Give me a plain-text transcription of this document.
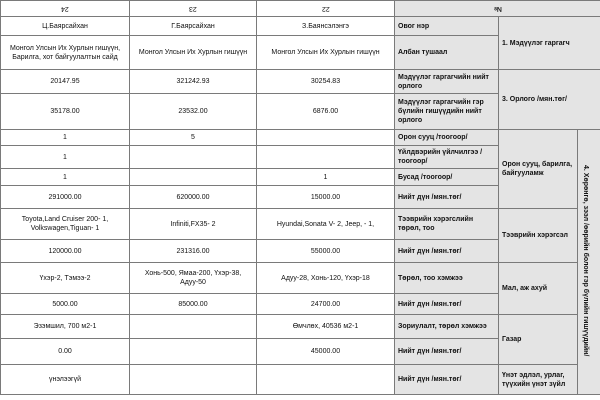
24	23	22	№		
Ц.Баярсайхан	Г.Баярсайхан	З.Баянсэлэнгэ	Овог нэр	1. Мэдүүлэг гаргагч	
Монгол Улсын Их Хурлын гишүүн, Барилга, хот байгуулалтын сайд	Монгол Улсын Их Хурлын гишүүн	Монгол Улсын Их Хурлын гишүүн	Албан тушаал		
20147.95	321242.93	30254.83	Мэдүүлэг гаргагчийн нийт орлого	3. Орлого /мян.төг/	
35178.00	23532.00	6876.00	Мэдүүлэг гаргагчийн гэр бүлийн гишүүдийн нийт орлого		
1	5		Орон сууц /тоогоор/	Орон сууц, барилга, байгууламж	4. Хөрөнгө, зээл /өөрийн болон гэр бүлийн гишүүдийн/
1			Үйлдвэрийн үйлчилгээ /тоогоор/		
1		1	Бусад /тоогоор/		
291000.00	620000.00	15000.00	Нийт дүн /мян.төг/		
Toyota,Land Cruiser 200- 1, Volkswagen,Tiguan- 1	Infiniti,FX35- 2	Hyundai,Sonata V- 2, Jeep, - 1,	Тээврийн хэрэгслийн төрөл, тоо	Тээврийн хэрэгсэл	
120000.00	231316.00	55000.00	Нийт дүн /мян.төг/		
Үхэр-2, Тэмээ-2	Хонь-500, Ямаа-200, Үхэр-38, Адуу-50	Адуу-28, Хонь-120, Үхэр-18	Төрөл, тоо хэмжээ	Мал, аж ахуй	
5000.00	85000.00	24700.00	Нийт дүн /мян.төг/		
Эзэмшил, 700 м2-1		Өмчлөх, 40536 м2-1	Зориулалт, төрөл хэмжээ	Газар	
0.00		45000.00	Нийт дүн /мян.төг/		
үнэлээгүй			Нийт дүн /мян.төг/	Үнэт эдлэл, урлаг, түүхийн үнэт зүйл	
